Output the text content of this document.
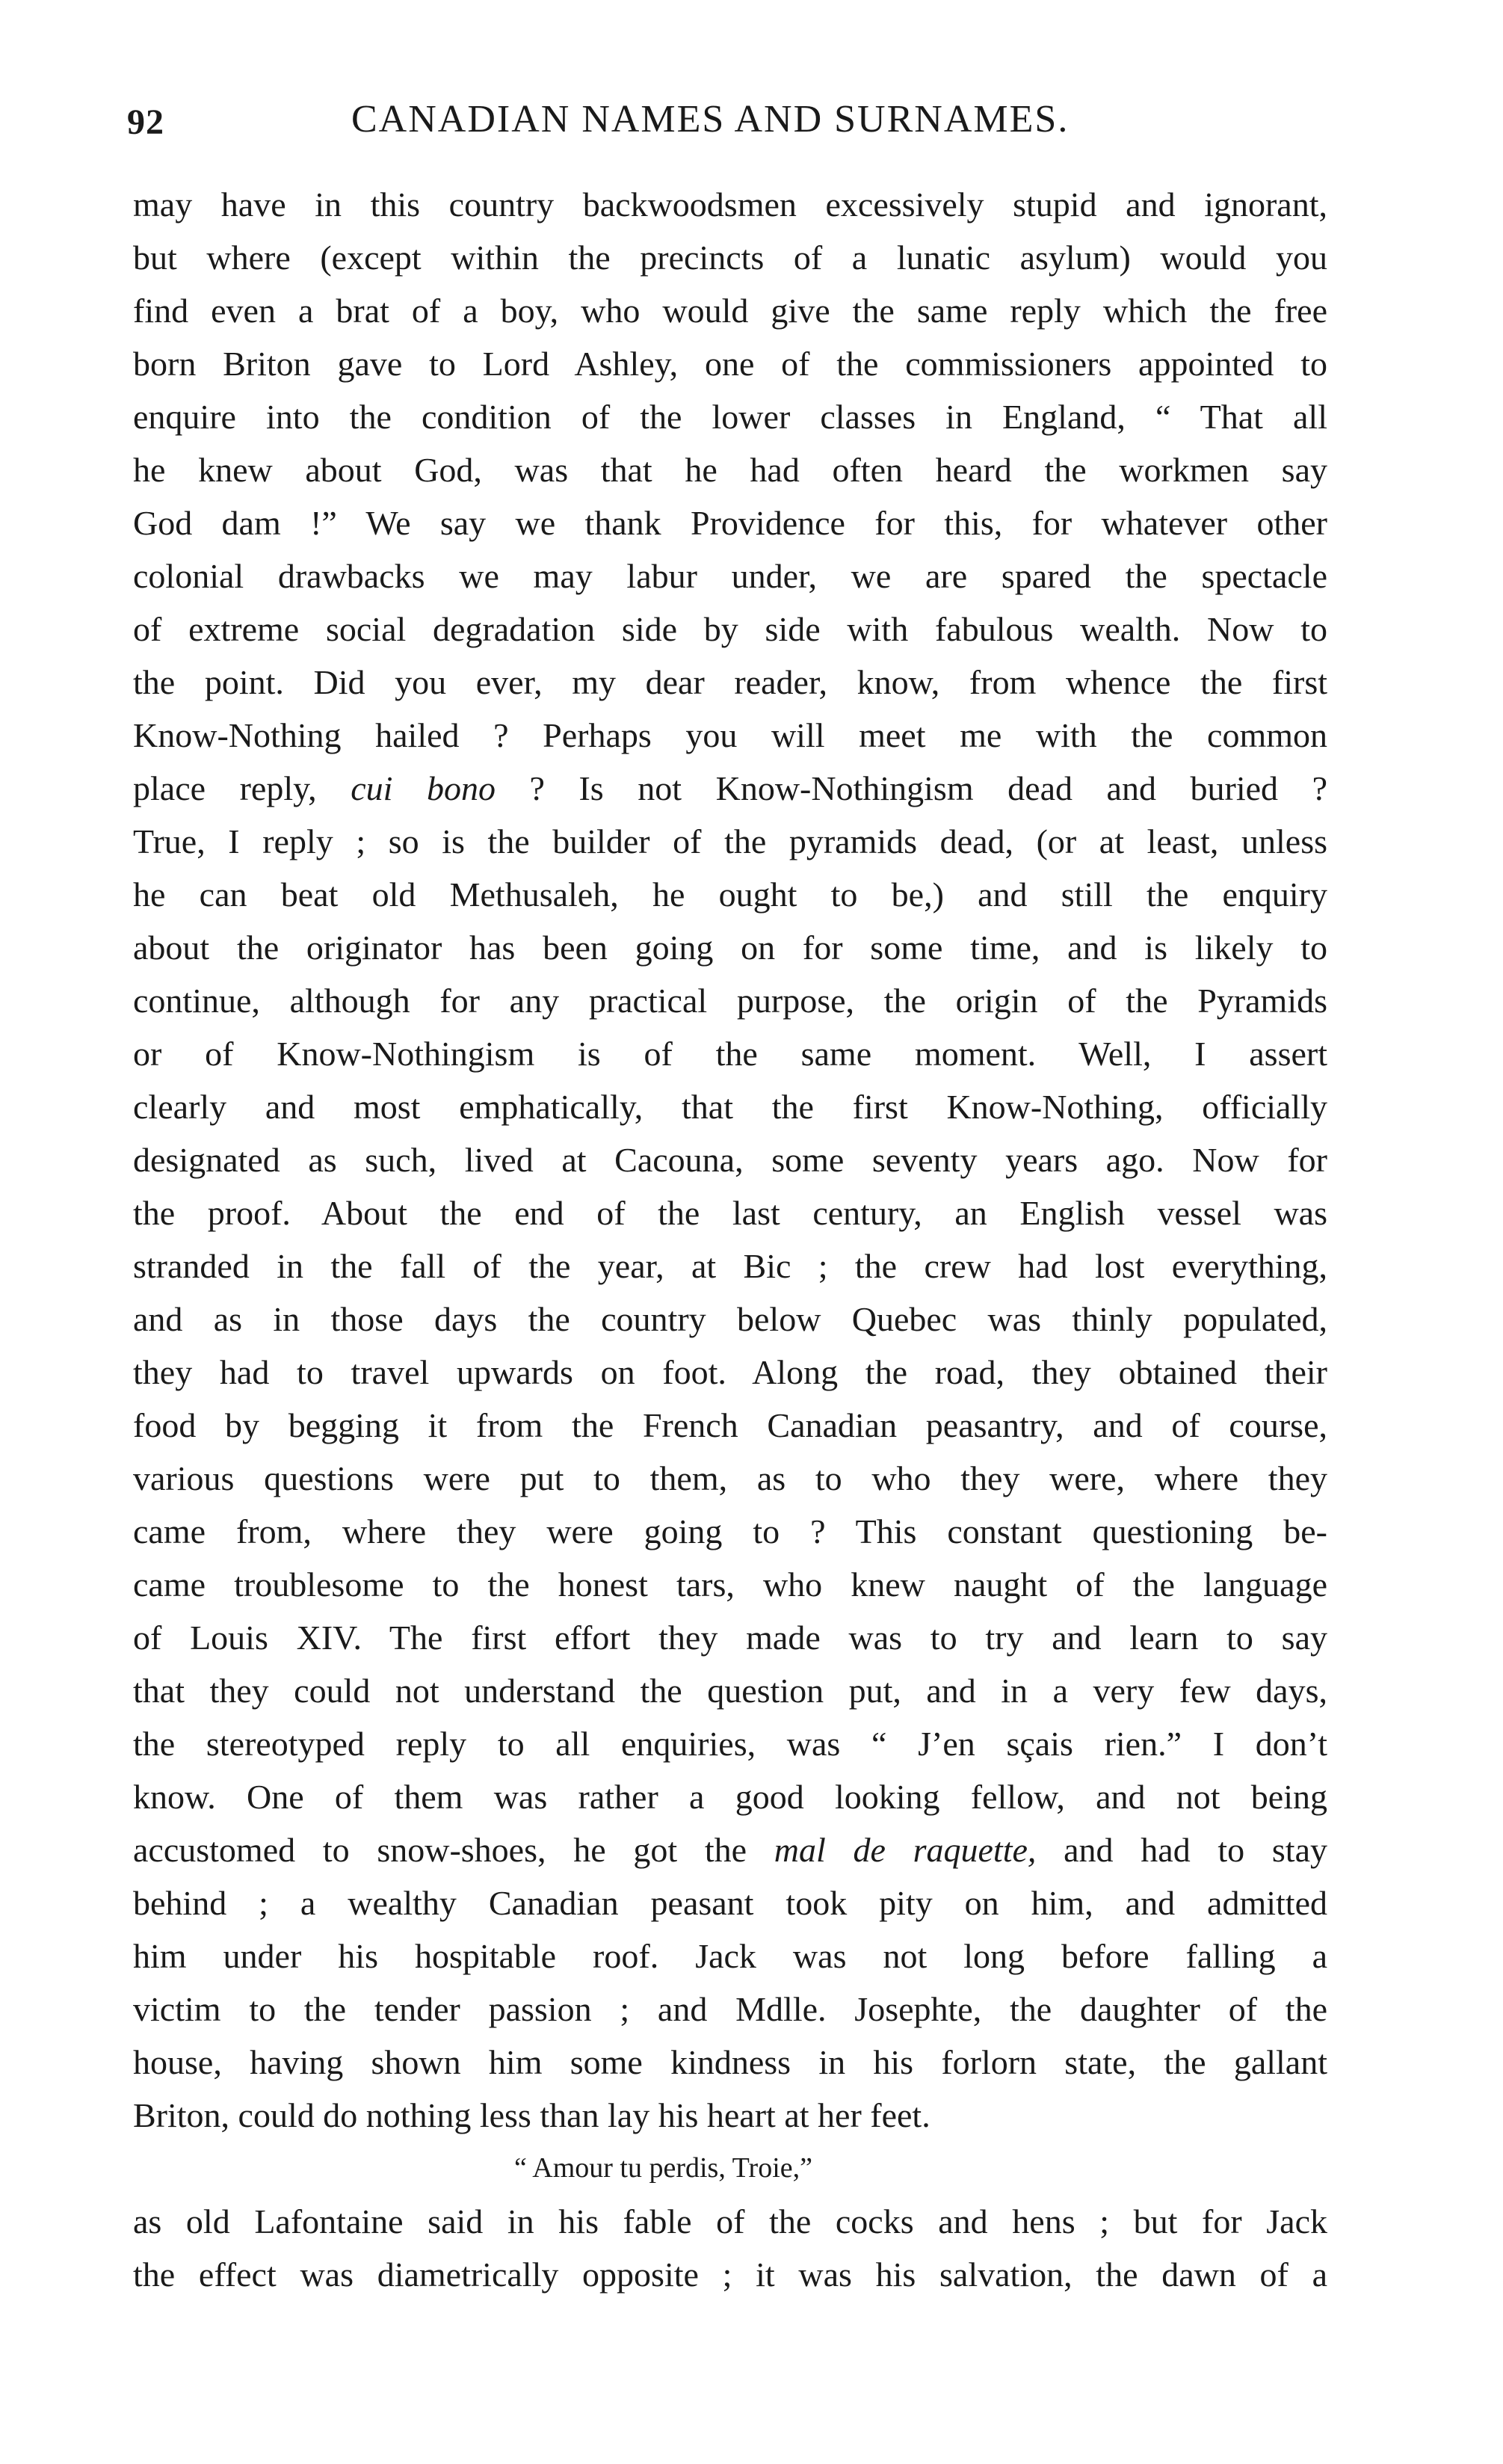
92	CANADIAN NAMES AND SURNAMES.
may have in this country backwoodsmen excessively stupid and ignorant,
but where (except within the precincts of a lunatic asylum) would you
find even a brat of a boy, who would give the same reply which the free
born Briton gave to Lord Ashley, one of the commissioners appointed to
enquire into the condition of the lower classes in England, “ That all
he knew about God, was that he had often heard the workmen say
God dam !” We say we thank Providence for this, for whatever other
colonial drawbacks we may labur under, we are spared the spectacle
of extreme social degradation side by side with fabulous wealth. Now to
the point. Did you ever, my dear reader, know, from whence the first
Know-Nothing hailed ? Perhaps you will meet me with the common
place reply, cui bono ? Is not Know-Nothingism dead and buried ?
True, I reply ; so is the builder of the pyramids dead, (or at least, unless
he can beat old Methusaleh, he ought to be,) and still the enquiry
about the originator has been going on for some time, and is likely to
continue, although for any practical purpose, the origin of the Pyramids
or of Know-Nothingism is of the same moment. Well, I assert
clearly and most emphatically, that the first Know-Nothing, officially
designated as such, lived at Cacouna, some seventy years ago. Now for
the proof. About the end of the last century, an English vessel was
stranded in the fall of the year, at Bic ; the crew had lost everything,
and as in those days the country below Quebec was thinly populated,
they had to travel upwards on foot. Along the road, they obtained their
food by begging it from the French Canadian peasantry, and of course,
various questions were put to them, as to who they were, where they
came from, where they were going to ? This constant questioning be-
came troublesome to the honest tars, who knew naught of the language
of Louis XIV. The first effort they made was to try and learn to say
that they could not understand the question put, and in a very few days,
the stereotyped reply to all enquiries, was “ J’en sçais rien.” I don’t
know. One of them was rather a good looking fellow, and not being
accustomed to snow-shoes, he got the mal de raquette, and had to stay
behind ; a wealthy Canadian peasant took pity on him, and admitted
him under his hospitable roof. Jack was not long before falling a
victim to the tender passion ; and Mdlle. Josephte, the daughter of the
house, having shown him some kindness in his forlorn state, the gallant
Briton, could do nothing less than lay his heart at her feet.
“ Amour tu perdis, Troie,”
as old Lafontaine said in his fable of the cocks and hens ; but for Jack
the effect was diametrically opposite ; it was his salvation, the dawn of a
